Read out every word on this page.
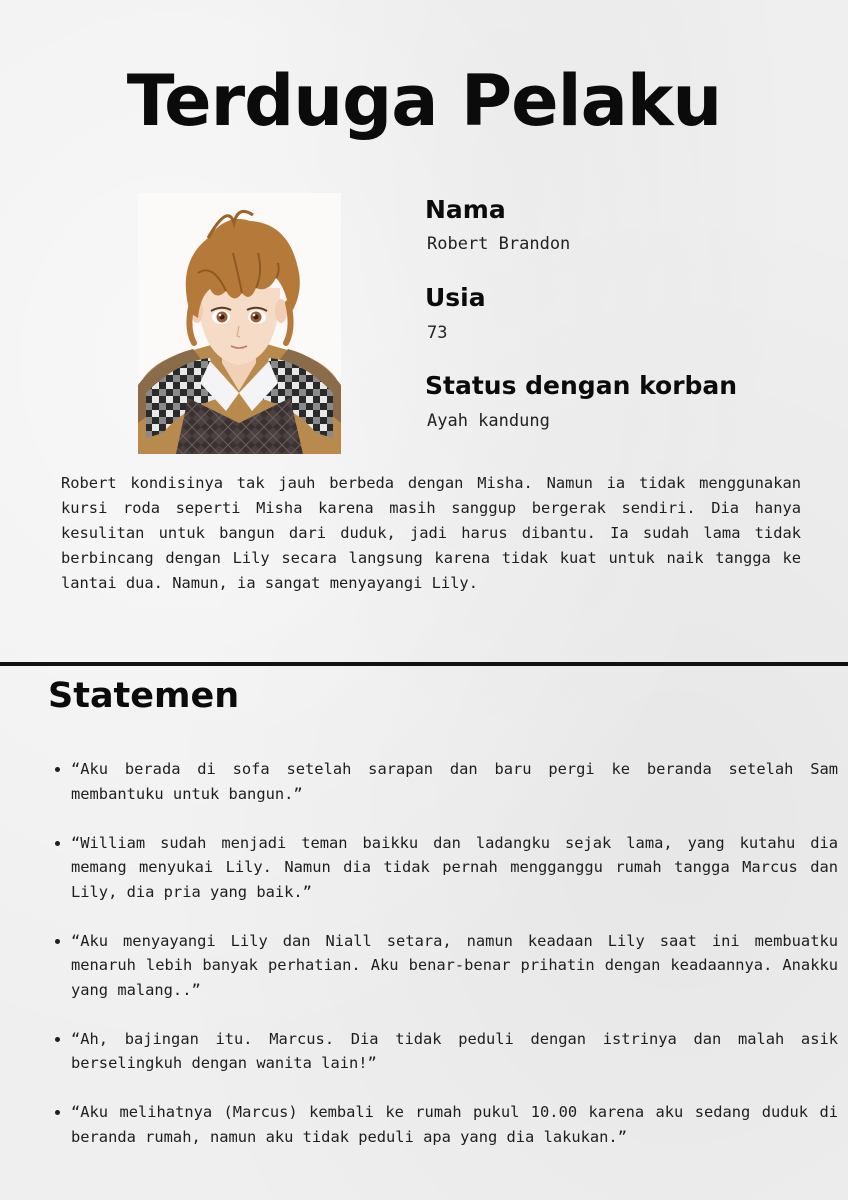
Terduga Pelaku
Nama
Robert Brandon
Usia
73
Status dengan korban
Ayah kandung
Robert kondisinya tak jauh berbeda dengan Misha. Namun ia tidak menggunakan kursi roda seperti Misha karena masih sanggup bergerak sendiri. Dia hanya kesulitan untuk bangun dari duduk, jadi harus dibantu. Ia sudah lama tidak berbincang dengan Lily secara langsung karena tidak kuat untuk naik tangga ke lantai dua. Namun, ia sangat menyayangi Lily.
Statemen
• “Aku berada di sofa setelah sarapan dan baru pergi ke beranda setelah Sam membantuku untuk bangun.”
• “William sudah menjadi teman baikku dan ladangku sejak lama, yang kutahu dia memang menyukai Lily. Namun dia tidak pernah mengganggu rumah tangga Marcus dan Lily, dia pria yang baik.”
• “Aku menyayangi Lily dan Niall setara, namun keadaan Lily saat ini membuatku menaruh lebih banyak perhatian. Aku benar-benar prihatin dengan keadaannya. Anakku yang malang..”
• “Ah, bajingan itu. Marcus. Dia tidak peduli dengan istrinya dan malah asik berselingkuh dengan wanita lain!”
• “Aku melihatnya (Marcus) kembali ke rumah pukul 10.00 karena aku sedang duduk di beranda rumah, namun aku tidak peduli apa yang dia lakukan.”
